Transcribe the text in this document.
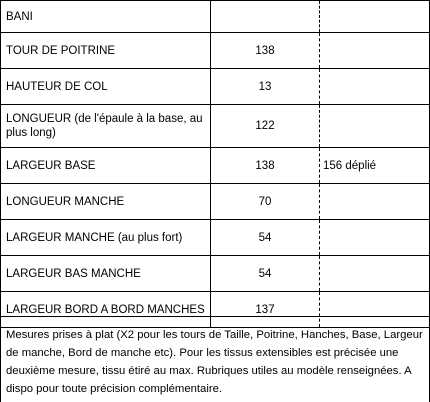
BANI		
TOUR DE POITRINE	138	
HAUTEUR DE COL	13	
LONGUEUR (de l'épaule à la base, au plus long)	122	
LARGEUR BASE	138	156 déplié
LONGUEUR MANCHE	70	
LARGEUR MANCHE (au plus fort)	54	
LARGEUR BAS MANCHE	54	
LARGEUR BORD A BORD MANCHES	137	
Mesures prises à plat (X2 pour les tours de Taille, Poitrine, Hanches, Base, Largeur de manche, Bord de manche etc). Pour les tissus extensibles est précisée une deuxième mesure, tissu étiré au max. Rubriques utiles au modèle renseignées. A dispo pour toute précision complémentaire.
